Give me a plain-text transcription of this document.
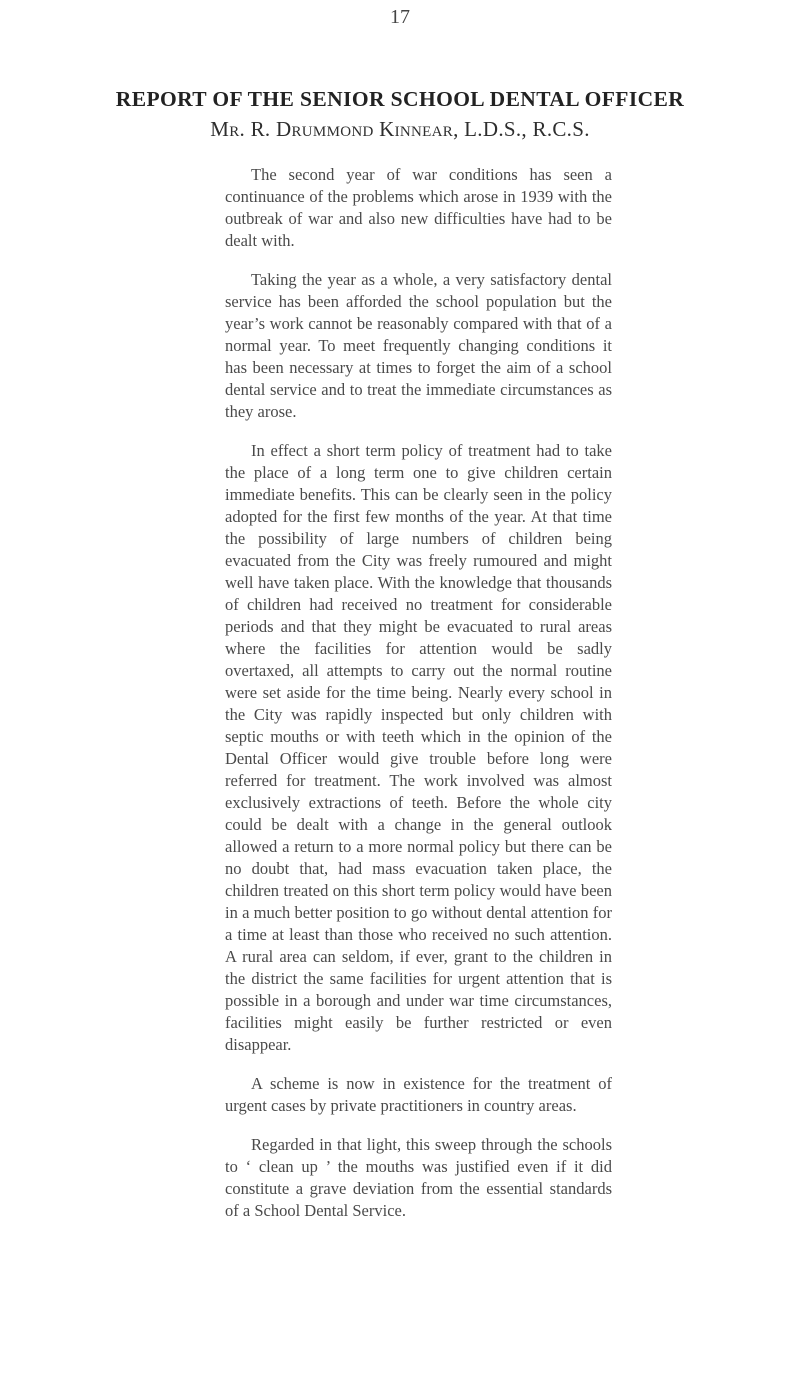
17
REPORT OF THE SENIOR SCHOOL DENTAL OFFICER
Mr. R. Drummond Kinnear, L.D.S., R.C.S.

The second year of war conditions has seen a continuance of the problems which arose in 1939 with the outbreak of war and also new difficulties have had to be dealt with.

Taking the year as a whole, a very satisfactory dental service has been afforded the school population but the year’s work cannot be reasonably compared with that of a normal year. To meet frequently changing conditions it has been necessary at times to forget the aim of a school dental service and to treat the immediate circumstances as they arose.

In effect a short term policy of treatment had to take the place of a long term one to give children certain immediate benefits. This can be clearly seen in the policy adopted for the first few months of the year. At that time the possibility of large numbers of children being evacuated from the City was freely rumoured and might well have taken place. With the knowledge that thousands of children had received no treatment for considerable periods and that they might be evacuated to rural areas where the facilities for attention would be sadly overtaxed, all attempts to carry out the normal routine were set aside for the time being. Nearly every school in the City was rapidly inspected but only children with septic mouths or with teeth which in the opinion of the Dental Officer would give trouble before long were referred for treatment. The work involved was almost exclusively extractions of teeth. Before the whole city could be dealt with a change in the general outlook allowed a return to a more normal policy but there can be no doubt that, had mass evacuation taken place, the children treated on this short term policy would have been in a much better position to go without dental attention for a time at least than those who received no such attention. A rural area can seldom, if ever, grant to the children in the district the same facilities for urgent attention that is possible in a borough and under war time circumstances, facilities might easily be further restricted or even disappear.

A scheme is now in existence for the treatment of urgent cases by private practitioners in country areas.

Regarded in that light, this sweep through the schools to ‘ clean up ’ the mouths was justified even if it did constitute a grave deviation from the essential standards of a School Dental Service.
